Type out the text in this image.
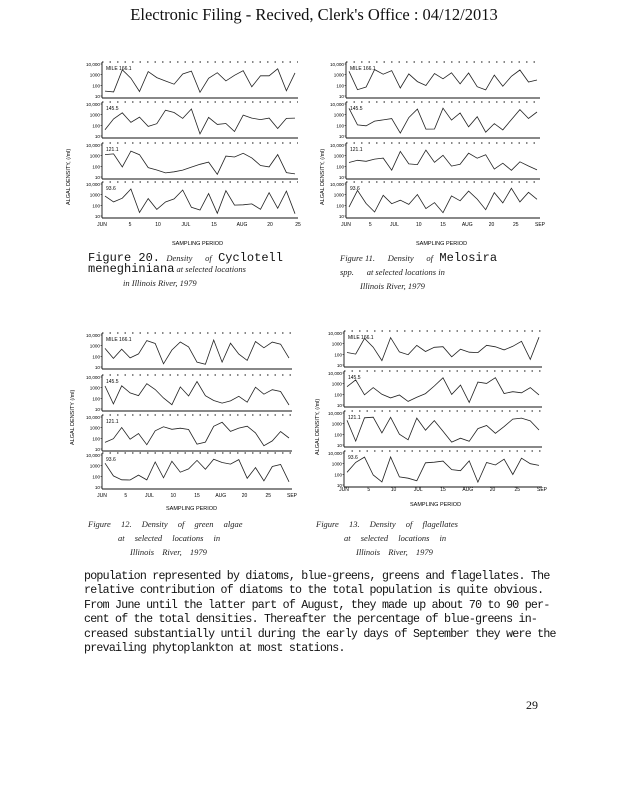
Electronic Filing - Recived, Clerk's Office : 04/12/2013
ALGAL DENSITY, (/ml)
10,000
1000
100
10
MILE 166.1
10,000
1000
100
10
145.5
10,000
1000
100
10
121.1
10,000
1000
100
10
93.6
JUN	5	10	JUL	15	AUG	20	25
SAMPLING PERIOD
Figure 20. Density of Cyclotell
meneghiniana at selected locations
in Illinois River, 1979
ALGAL DENSITY, (/ml)
10,000
1000
100
10
MILE 166.1
10,000
1000
100
10
145.5
10,000
1000
100
10
121.1
10,000
1000
100
10
93.6
JUN	5	JUL	10	15	AUG	20	25	SEP
SAMPLING PERIOD
Figure 11. Density of Melosira
spp. at selected locations in
Illinois River, 1979
ALGAL DENSITY (/ml)
10,000
1000
100
10
MILE 166.1
10,000
1000
100
10
145.5
10,000
1000
100
10
121.1
10,000
1000
100
10
93.6
JUN	5	JUL	10	15	AUG	20	25	SEP
SAMPLING PERIOD
Figure 12. Density of green algae
at selected locations in
Illinois River, 1979
ALGAL DENSITY, (/ml)
10,000
1000
100
10
MILE 166.1
10,000
1000
100
10
145.5
10,000
1000
100
10
121.1
10,000
1000
100
10
93.6
JUN	5	10	JUL	15	AUG	20	25	SEP
SAMPLING PERIOD
Figure 13. Density of flagellates
at selected locations in
Illinois River, 1979
population represented by diatoms, blue-greens, greens and flagellates. The
relative contribution of diatoms to the total population is quite obvious.
From June until the latter part of August, they made up about 70 to 90 per-
cent of the total densities. Thereafter the percentage of blue-greens in-
creased substantially until during the early days of September they were the
prevailing phytoplankton at most stations.
29
